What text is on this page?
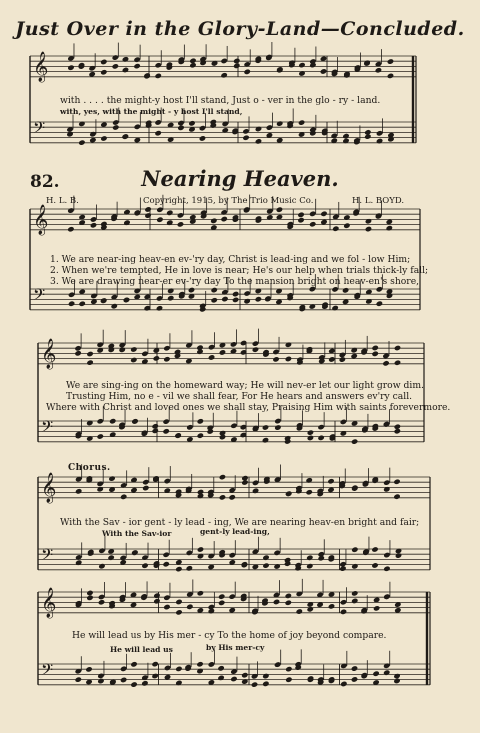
Just Over in the Glory-Land—Concluded.
𝄞
𝄢
𝄞
𝄢
𝄞
𝄢
𝄞
𝄢
𝄞
𝄢
with . . . . the might-y host I'll stand, Just o - ver in the glo - ry - land.
with, yes, with the might - y host I'll stand,
82.	Nearing Heaven.
H. L. B.	Copyright, 1915, by The Trio Music Co.	H. L. BOYD.
1. We are near-ing heav-en ev-'ry day, Christ is lead-ing and we fol - low Him;
2. When we're tempted, He in love is near; He's our help when trials thick-ly fall;
3. We are drawing near-er ev-'ry day To the mansion bright on heav-en's shore,
We are sing-ing on the homeward way; He will nev-er let our light grow dim.
Trusting Him, no e - vil we shall fear, For He hears and answers ev'ry call.
Where with Christ and loved ones we shall stay, Praising Him with saints forevermore.
Chorus.
With the Sav - ior gent - ly lead - ing, We are nearing heav-en bright and fair;
With the Sav-ior	gent-ly lead-ing,
He will lead us by His mer - cy To the home of joy beyond compare.
He will lead us	by His mer-cy
